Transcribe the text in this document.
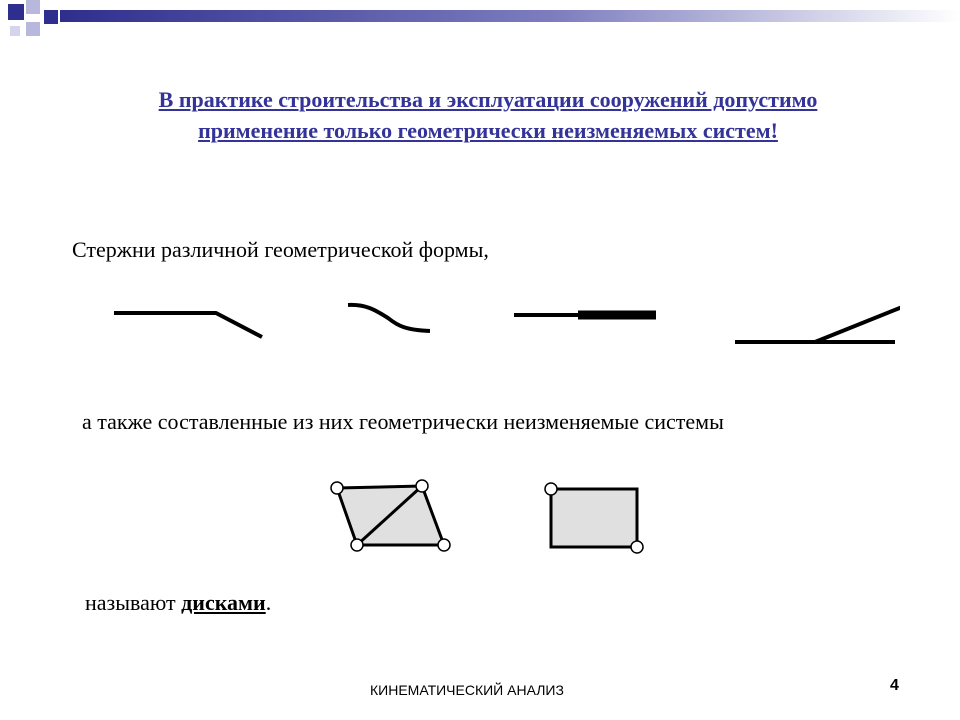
В практике строительства и эксплуатации сооружений допустимо применение только геометрически неизменяемых систем!

Стержни различной геометрической формы,

а также составленные из них геометрически неизменяемые системы

называют дисками.

КИНЕМАТИЧЕСКИЙ АНАЛИЗ	4
